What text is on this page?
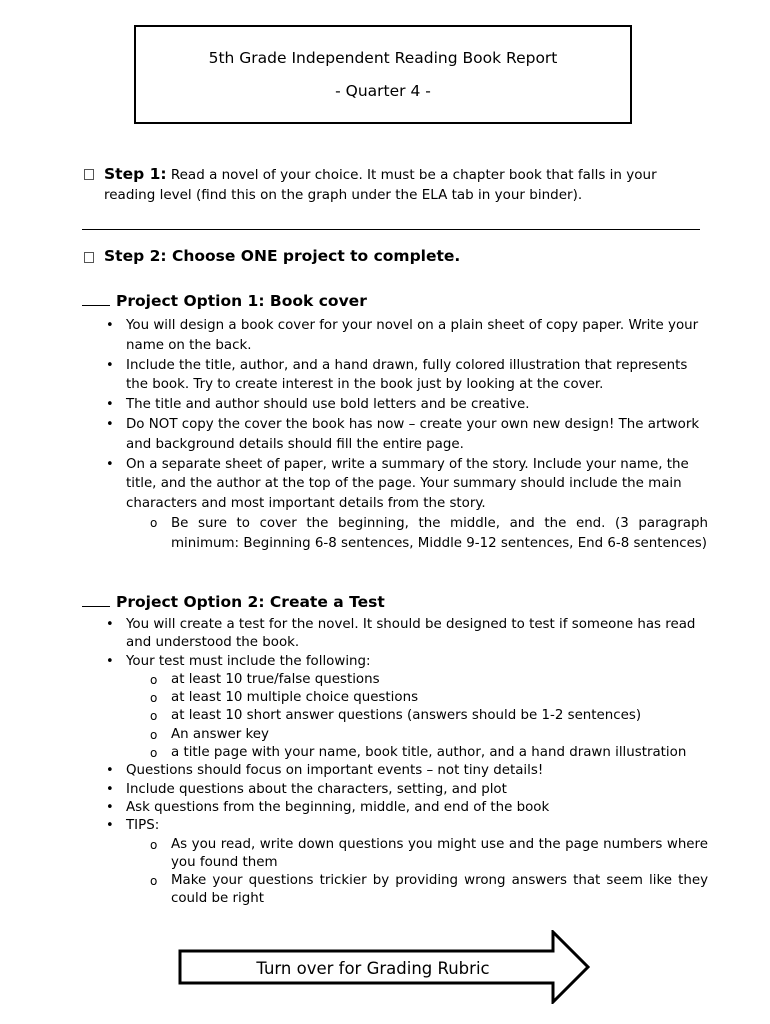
5th Grade Independent Reading Book Report
- Quarter 4 -
Step 1: Read a novel of your choice. It must be a chapter book that falls in your reading level (find this on the graph under the ELA tab in your binder).
Step 2: Choose ONE project to complete.
Project Option 1: Book cover
• You will design a book cover for your novel on a plain sheet of copy paper. Write your name on the back.
• Include the title, author, and a hand drawn, fully colored illustration that represents the book. Try to create interest in the book just by looking at the cover.
• The title and author should use bold letters and be creative.
• Do NOT copy the cover the book has now – create your own new design! The artwork and background details should fill the entire page.
• On a separate sheet of paper, write a summary of the story. Include your name, the title, and the author at the top of the page. Your summary should include the main characters and most important details from the story.
o Be sure to cover the beginning, the middle, and the end. (3 paragraph minimum: Beginning 6-8 sentences, Middle 9-12 sentences, End 6-8 sentences)
Project Option 2: Create a Test
• You will create a test for the novel. It should be designed to test if someone has read and understood the book.
• Your test must include the following:
o at least 10 true/false questions
o at least 10 multiple choice questions
o at least 10 short answer questions (answers should be 1-2 sentences)
o An answer key
o a title page with your name, book title, author, and a hand drawn illustration
• Questions should focus on important events – not tiny details!
• Include questions about the characters, setting, and plot
• Ask questions from the beginning, middle, and end of the book
• TIPS:
o As you read, write down questions you might use and the page numbers where you found them
o Make your questions trickier by providing wrong answers that seem like they could be right
Turn over for Grading Rubric
